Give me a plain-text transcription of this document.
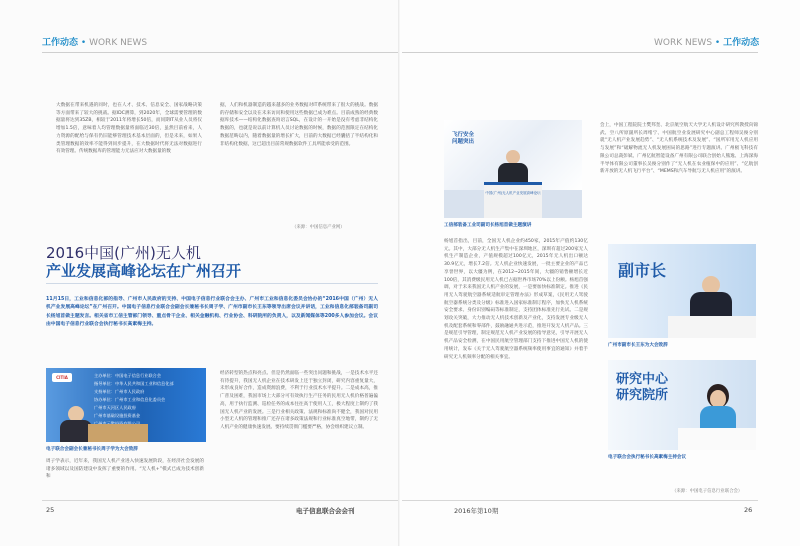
工作动态 • WORK NEWS
大数据在带来机遇的同时，也在人才、技术、信息安全、国家战略决策等方面带来了较大的挑战。据IDC测算，到2020年，全球需要管理的数据量将达到35ZB，相较于2011年将增长50倍，而同期IT从业人员将仅增加1.5倍，意味着人均管理数据量将面临近30倍，虽然目前看来，人力资源的配给与保有仍旧能够管理技术基本层面的，但是未来，如果人类管理数据的效率不能得到同步提升，在大数据时代将无法对数据进行有效管理。传统数据库的管理能力无法应对大数据量的数
据，人们和机器制造的越来越多的业务数据对IT系统带来了很大的挑战。数据的存储和安全以及在未来访问和使用这些数据已成为难点。目前成熟的经典数据库技术——结构化数据查询语言SQL，在设计的一开始是没有考虑非结构化数据的，也就是说以前计算机人员讨论数据的时候，数据的范围限定在结构化数据范畴以内，随着数据量的增长扩大，目前的大数据已经囊括了半结构化和非结构化数据，这已超出目前常规数据软件工具所能承受的范围。
（来源：中国信息产业网）
2016中国(广州)无人机
产业发展高峰论坛在广州召开
11月15日，工业和信息化部的指导、广州市人民政府的支持、中国电子信息行业联合会主办、广州市工业和信息化委员会协办的“2016中国（广州）无人机产业发展高峰论坛”在广州召开。中国电子信息行业联合会副会长兼秘书长周子学、广州市副市长王东等领导出席会议并讲话，工业和信息化部装备司副司长杨旭首做主题发言。相关省市工信主管部门领导、重点骨干企业、相关金融机构、行业协会、科研院所的负责人，以及新闻媒体等200多人参加会议。会议由中国电子信息行业联合会执行秘书长高素梅主持。
CITIA	主办单位：中国电子信息行业联合会
指导单位：中华人民共和国工业和信息化部
支持单位：广州市人民政府
协办单位：广州市工业和信息化委员会
广州市天河区人民政府
广州市基础设施投资基金
电子联合会副会长兼秘书长周子学为大会致辞
周子学表示，近年来，我国无人机产业进入快速发展阶段，在经济社会发展的诸多领域以及国防建设中发挥了重要的作用。“无人机+”模式已成为技术创新和
经济转型的热点和亮点。但是仍然面临一些突出问题和挑战，一是技术水平还有待提升，我国无人机企业在技术研发上还于独立封闭，研究内容重复量大，未形成良好合作，造成资源浪费，不利于行业技术水平提升。二是成本高，推广普及困难，我国市场上大部分可有效执行生产任务的民用无人机价格普遍偏高，用于执行监测、巡检任务的成本往往高于使用人工，极大程度上制约了我国无人机产业的发展。三是行业相关政策、法规和标准尚不健全，我国对民用小型无人机的管理和推广还存在诸多政策法规和行业标准真空地带，制约了无人机产业的健康快速发展。要持续贯彻门槛要严格，协会组织建议立制。
25	电子信息联合会会刊
WORK NEWS • 工作动态
飞行安全
问题突出
中国(广州)无人机产业发展高峰论坛
工信部装备工业司副司长杨旭首做主题演讲
杨旭首指出，目前，全国无人机企业约450家，2015年产值约130亿元。其中，大部分无人机生产集中在深圳地区，深圳有超过200家无人机生产制造企业，产值规模超过100亿元，2015年无人机出口额达30.9亿元，增长7.2倍。无人机企业快速发展，一批主要企业的产品已享誉世界，以大疆为例，在2012~2015年间，大疆的销售额增长近100倍，其消费级民用无人机已占据世界市场70%以上份额。杨旭首强调，对于未来我国无人机产业的发展，一是要加快标准制定。推进《民用无人驾驶航空器系统适航审定管理办法》形成草案，《民用无人驾驶航空器系统分类及分级》标准进入国家标准制订程序，加快无人机系统安全要求、身份识别编码等标准制定，支持团体标准先行先试。二是规划攻关突破，大力推动无人机技术创新及产业化，支持发展专业级无人机及配套系统和零部件，鼓励融通共进示范，推进开发无人机产品。三是规范引导管理，制定规范无人机产业发展的指导意见，引导开展无人机产品安全检测，在中国民用航空管理部门支持下推进中国无人机的使用统计，发布《关于无人驾驶航空器系统频率使用事宜的通知》并着手研究无人机频率分配的相关事宜。
会上，中国工程院院士樊邦奎、北京航空航天大学无人机设计研究所教授向锦武、空八所原副所长周绪宁、中国航空业发展研究中心副总工程师吴俊分别就“无人机产业发展趋势”、“无人机系统技术及发展”、“国所军用无人机应用与发展”和“破解物流无人机发展困局的思路”进行专题演讲。广州极飞科技有限公司总裁彭斌、广州亿航智能设备广州有限公司联合创始人熊逸、上海深海半导体有限公司董事长吴俊分别作了“无人机在农业植保中的应用”、“亿航创新开放的无人机飞行平台”、“MEMS和汽车导航与无人机应用”的演讲。
副市长
广州市副市长王东为大会致辞
研究中心
研究院所
电子联合会执行秘书长高素梅主持会议
（来源：中国电子信息行业联合会）
2016年第10期	26
